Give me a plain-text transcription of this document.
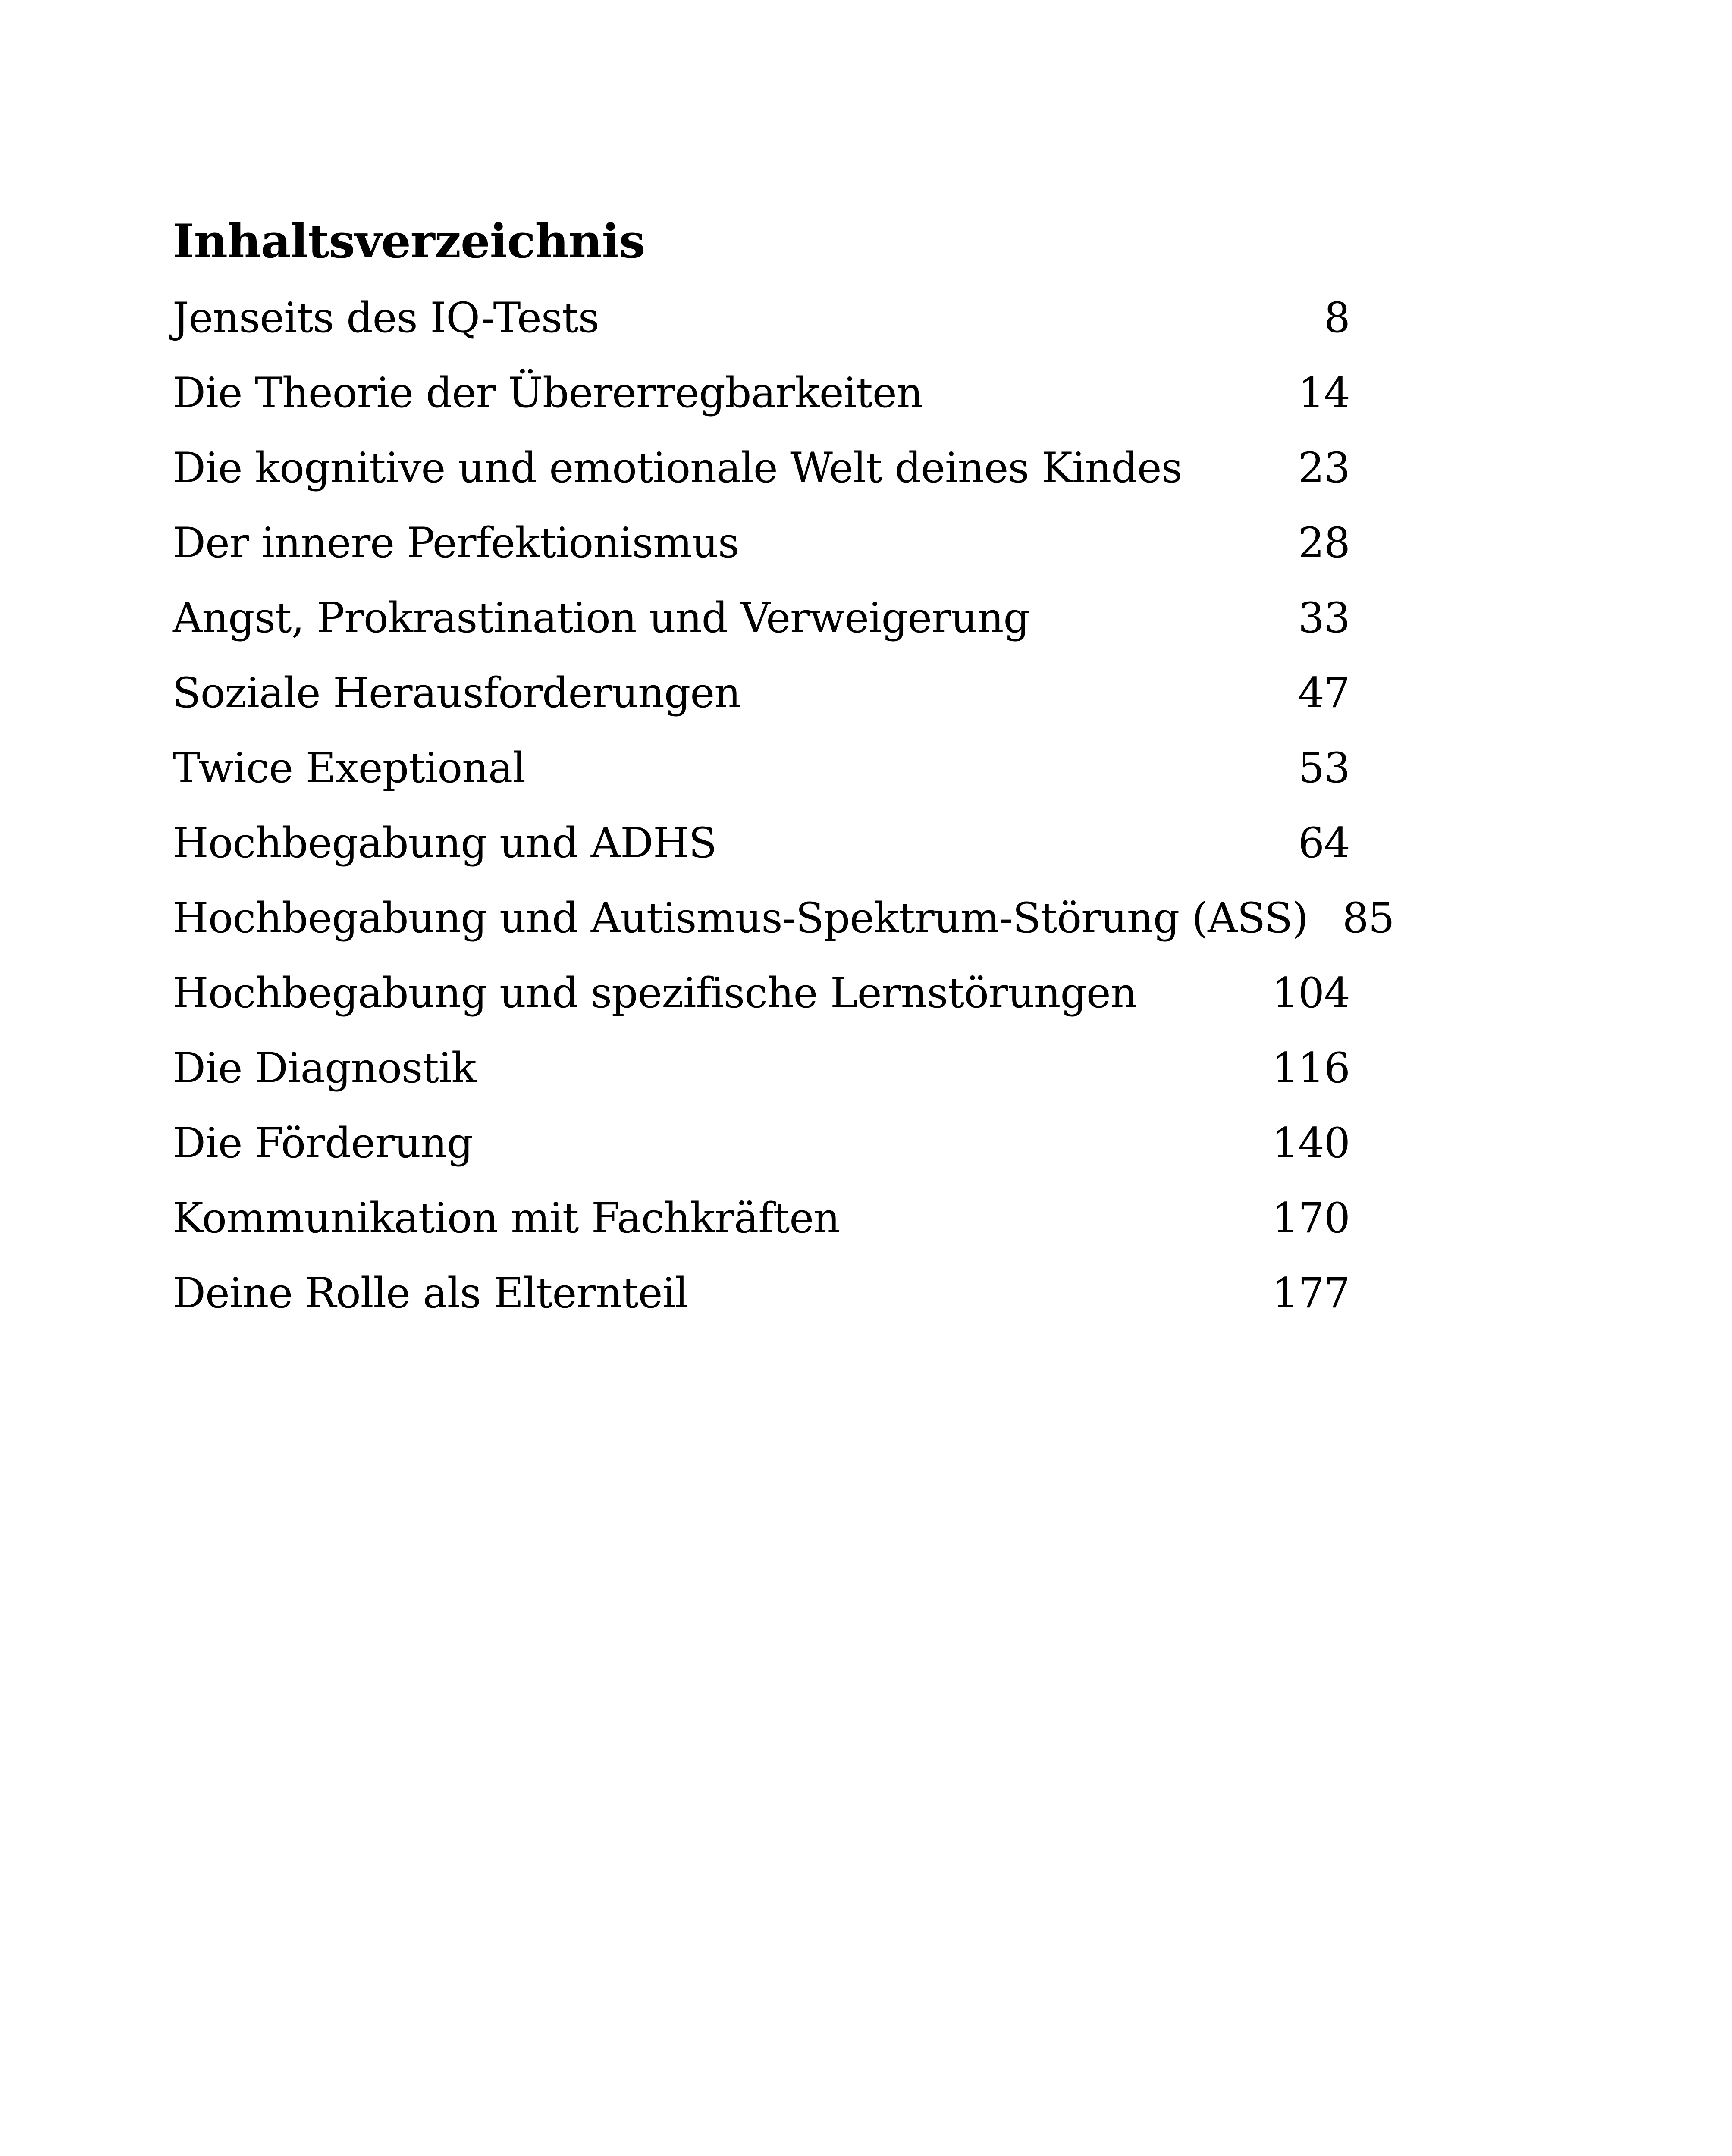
Inhaltsverzeichnis
Jenseits des IQ-Tests	8
Die Theorie der Übererregbarkeiten	14
Die kognitive und emotionale Welt deines Kindes	23
Der innere Perfektionismus	28
Angst, Prokrastination und Verweigerung	33
Soziale Herausforderungen	47
Twice Exeptional	53
Hochbegabung und ADHS	64
Hochbegabung und Autismus-Spektrum-Störung (ASS) 85
Hochbegabung und spezifische Lernstörungen	104
Die Diagnostik	116
Die Förderung	140
Kommunikation mit Fachkräften	170
Deine Rolle als Elternteil	177
